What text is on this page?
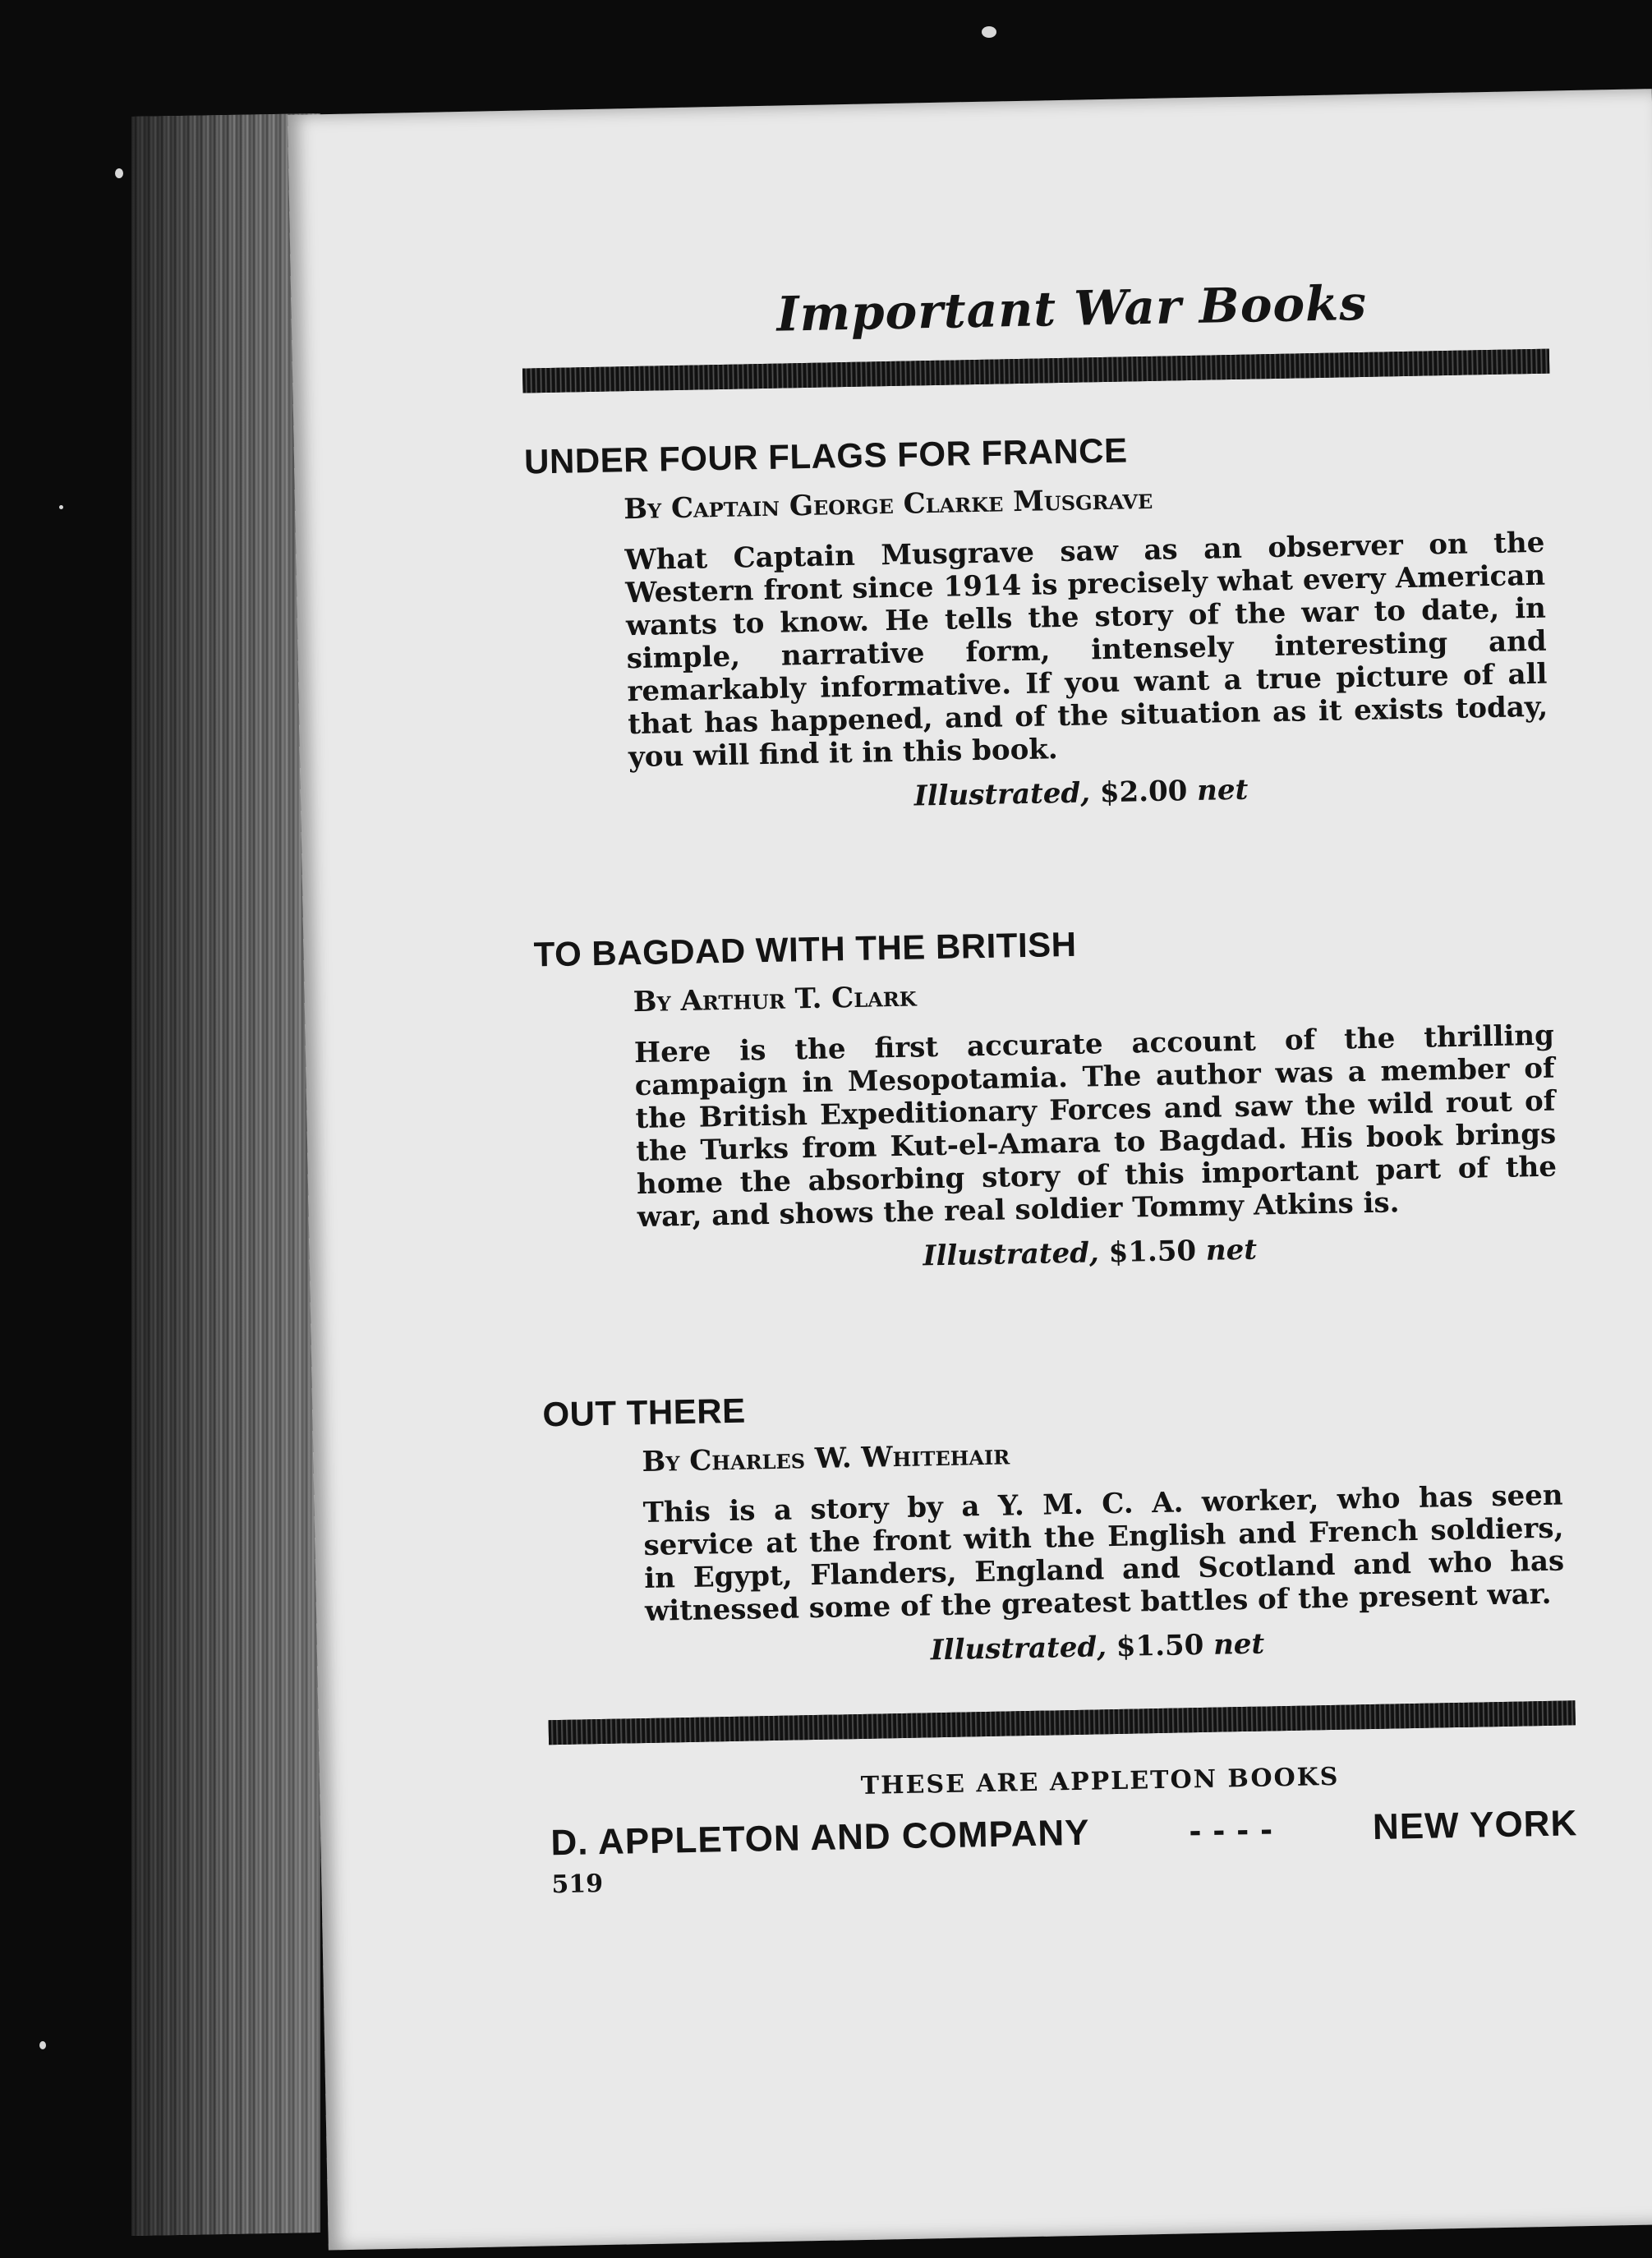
Important War Books
UNDER FOUR FLAGS FOR FRANCE

By Captain George Clarke Musgrave

What Captain Musgrave saw as an observer on the Western front since 1914 is precisely what every American wants to know. He tells the story of the war to date, in simple, narrative form, intensely interesting and remarkably informative. If you want a true picture of all that has happened, and of the situation as it exists today, you will find it in this book.

Illustrated, $2.00 net

TO BAGDAD WITH THE BRITISH

By Arthur T. Clark

Here is the first accurate account of the thrilling campaign in Mesopotamia. The author was a member of the British Expeditionary Forces and saw the wild rout of the Turks from Kut-el-Amara to Bagdad. His book brings home the absorbing story of this important part of the war, and shows the real soldier Tommy Atkins is.

Illustrated, $1.50 net

OUT THERE

By Charles W. Whitehair

This is a story by a Y. M. C. A. worker, who has seen service at the front with the English and French soldiers, in Egypt, Flanders, England and Scotland and who has witnessed some of the greatest battles of the present war.

Illustrated, $1.50 net

THESE ARE APPLETON BOOKS
D. APPLETON AND COMPANY	- - - -	NEW YORK
519
